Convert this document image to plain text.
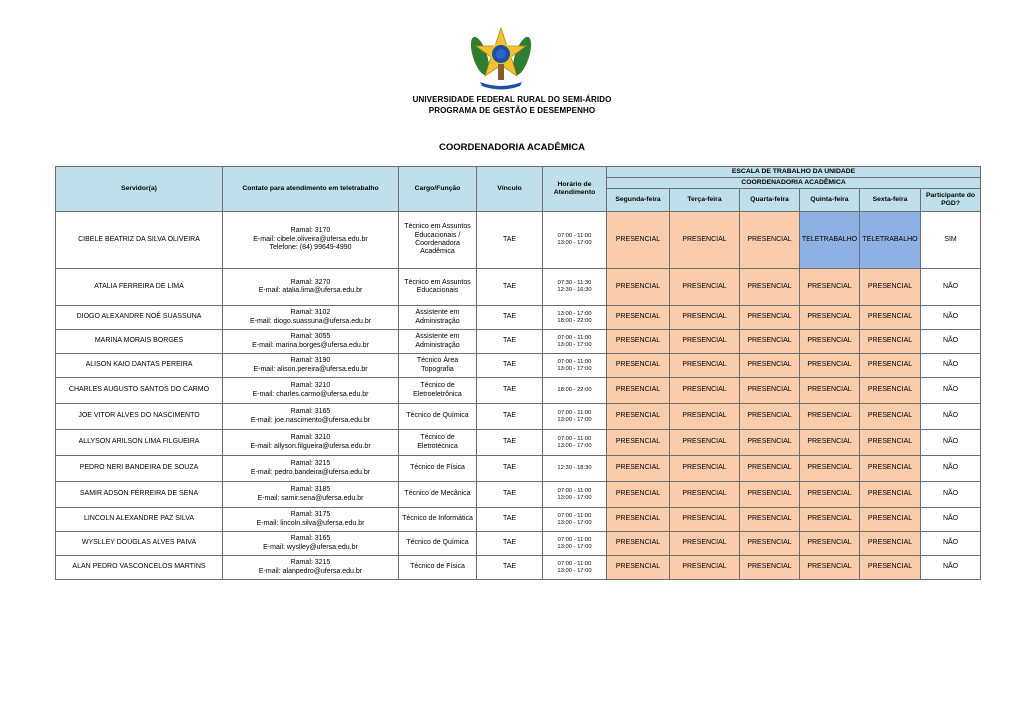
UNIVERSIDADE FEDERAL RURAL DO SEMI-ÁRIDO
PROGRAMA DE GESTÃO E DESEMPENHO
COORDENADORIA ACADÊMICA
Servidor(a)	Contato para atendimento em teletrabalho	Cargo/Função	Vínculo	Horário de Atendimento	ESCALA DE TRABALHO DA UNIDADE					
					COORDENADORIA ACADÊMICA					
					Segunda-feira	Terça-feira	Quarta-feira	Quinta-feira	Sexta-feira	Participante do PGD?
CIBELE BEATRIZ DA SILVA OLIVEIRA	Ramal: 3170
E-mail: cibele.oliveira@ufersa.edu.br
Telefone: (84) 99649-4990	Técnico em Assuntos Educacionais / Coordenadora Acadêmica	TAE	07:00 - 11:00
13:00 - 17:00	PRESENCIAL	PRESENCIAL	PRESENCIAL	TELETRABALHO	TELETRABALHO	SIM
ATALIA FERREIRA DE LIMA	Ramal: 3270
E-mail: atalia.lima@ufersa.edu.br	Técnico em Assuntos Educacionais	TAE	07:30 - 11:30
12:30 - 16:30	PRESENCIAL	PRESENCIAL	PRESENCIAL	PRESENCIAL	PRESENCIAL	NÃO
DIOGO ALEXANDRE NOÉ SUASSUNA	Ramal: 3102
E-mail: diogo.suassuna@ufersa.edu.br	Assistente em Administração	TAE	13:00 - 17:00
18:00 - 22:00	PRESENCIAL	PRESENCIAL	PRESENCIAL	PRESENCIAL	PRESENCIAL	NÃO
MARINA MORAIS BORGES	Ramal: 3055
E-mail: marina.borges@ufersa.edu.br	Assistente em Administração	TAE	07:00 - 11:00
13:00 - 17:00	PRESENCIAL	PRESENCIAL	PRESENCIAL	PRESENCIAL	PRESENCIAL	NÃO
ALISON KAIO DANTAS PEREIRA	Ramal: 3190
E-mail: alison.pereira@ufersa.edu.br	Técnico Área Topografia	TAE	07:00 - 11:00
13:00 - 17:00	PRESENCIAL	PRESENCIAL	PRESENCIAL	PRESENCIAL	PRESENCIAL	NÃO
CHARLES AUGUSTO SANTOS DO CARMO	Ramal: 3210
E-mail: charles.carmo@ufersa.edu.br	Técnico de Eletroeletrônica	TAE	18:00 - 22:00	PRESENCIAL	PRESENCIAL	PRESENCIAL	PRESENCIAL	PRESENCIAL	NÃO
JOE VITOR ALVES DO NASCIMENTO	Ramal: 3165
E-mail: joe.nascimento@ufersa.edu.br	Técnico de Química	TAE	07:00 - 11:00
13:00 - 17:00	PRESENCIAL	PRESENCIAL	PRESENCIAL	PRESENCIAL	PRESENCIAL	NÃO
ALLYSON ARILSON LIMA FILGUEIRA	Ramal: 3210
E-mail: allyson.filgueira@ufersa.edu.br	Técnico de Eletrotécnica	TAE	07:00 - 11:00
13:00 - 17:00	PRESENCIAL	PRESENCIAL	PRESENCIAL	PRESENCIAL	PRESENCIAL	NÃO
PEDRO NERI BANDEIRA DE SOUZA	Ramal: 3215
E-mail: pedro.bandeira@ufersa.edu.br	Técnico de Física	TAE	12:30 - 18:30	PRESENCIAL	PRESENCIAL	PRESENCIAL	PRESENCIAL	PRESENCIAL	NÃO
SAMIR ADSON FERREIRA DE SENA	Ramal: 3185
E-mail: samir.sena@ufersa.edu.br	Técnico de Mecânica	TAE	07:00 - 11:00
13:00 - 17:00	PRESENCIAL	PRESENCIAL	PRESENCIAL	PRESENCIAL	PRESENCIAL	NÃO
LINCOLN ALEXANDRE PAZ SILVA	Ramal: 3175
E-mail: lincoln.silva@ufersa.edu.br	Técnico de Informática	TAE	07:00 - 11:00
13:00 - 17:00	PRESENCIAL	PRESENCIAL	PRESENCIAL	PRESENCIAL	PRESENCIAL	NÃO
WYSLLEY DOUGLAS ALVES PAIVA	Ramal: 3165
E-mail: wyslley@ufersa.edu.br	Técnico de Química	TAE	07:00 - 11:00
13:00 - 17:00	PRESENCIAL	PRESENCIAL	PRESENCIAL	PRESENCIAL	PRESENCIAL	NÃO
ALAN PEDRO VASCONCELOS MARTINS	Ramal: 3215
E-mail: alanpedro@ufersa.edu.br	Técnico de Física	TAE	07:00 - 11:00
13:00 - 17:00	PRESENCIAL	PRESENCIAL	PRESENCIAL	PRESENCIAL	PRESENCIAL	NÃO
